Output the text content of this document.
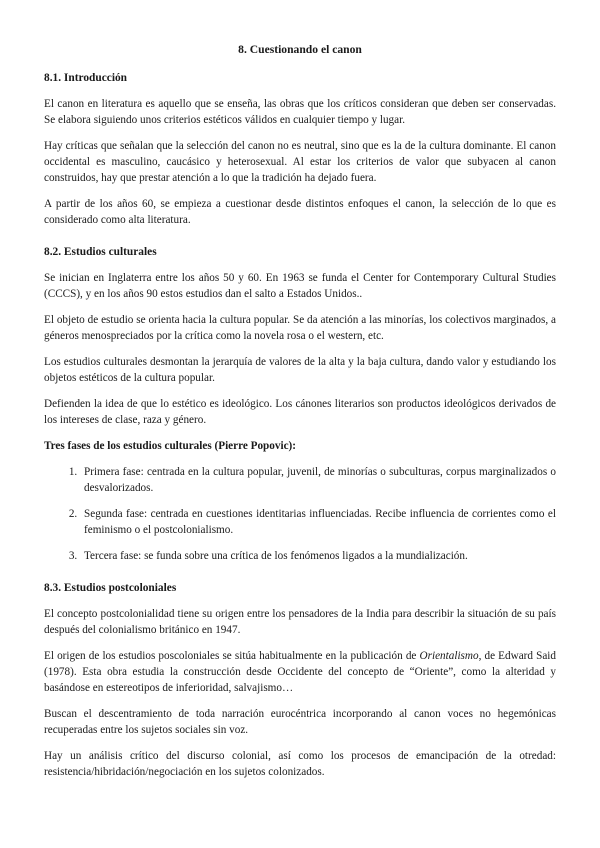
8. Cuestionando el canon
8.1. Introducción

El canon en literatura es aquello que se enseña, las obras que los críticos consideran que deben ser conservadas. Se elabora siguiendo unos criterios estéticos válidos en cualquier tiempo y lugar.

Hay críticas que señalan que la selección del canon no es neutral, sino que es la de la cultura dominante. El canon occidental es masculino, caucásico y heterosexual. Al estar los criterios de valor que subyacen al canon construidos, hay que prestar atención a lo que la tradición ha dejado fuera.

A partir de los años 60, se empieza a cuestionar desde distintos enfoques el canon, la selección de lo que es considerado como alta literatura.

8.2. Estudios culturales

Se inician en Inglaterra entre los años 50 y 60. En 1963 se funda el Center for Contemporary Cultural Studies (CCCS), y en los años 90 estos estudios dan el salto a Estados Unidos..

El objeto de estudio se orienta hacia la cultura popular. Se da atención a las minorías, los colectivos marginados, a géneros menospreciados por la crítica como la novela rosa o el western, etc.

Los estudios culturales desmontan la jerarquía de valores de la alta y la baja cultura, dando valor y estudiando los objetos estéticos de la cultura popular.

Defienden la idea de que lo estético es ideológico. Los cánones literarios son productos ideológicos derivados de los intereses de clase, raza y género.

Tres fases de los estudios culturales (Pierre Popovic):
1. Primera fase: centrada en la cultura popular, juvenil, de minorías o subculturas, corpus marginalizados o desvalorizados.
2. Segunda fase: centrada en cuestiones identitarias influenciadas. Recibe influencia de corrientes como el feminismo o el postcolonialismo.
3. Tercera fase: se funda sobre una crítica de los fenómenos ligados a la mundialización.
8.3. Estudios postcoloniales

El concepto postcolonialidad tiene su origen entre los pensadores de la India para describir la situación de su país después del colonialismo británico en 1947.

El origen de los estudios poscoloniales se sitúa habitualmente en la publicación de Orientalismo, de Edward Said (1978). Esta obra estudia la construcción desde Occidente del concepto de “Oriente”, como la alteridad y basándose en estereotipos de inferioridad, salvajismo…

Buscan el descentramiento de toda narración eurocéntrica incorporando al canon voces no hegemónicas recuperadas entre los sujetos sociales sin voz.

Hay un análisis crítico del discurso colonial, así como los procesos de emancipación de la otredad: resistencia/hibridación/negociación en los sujetos colonizados.
